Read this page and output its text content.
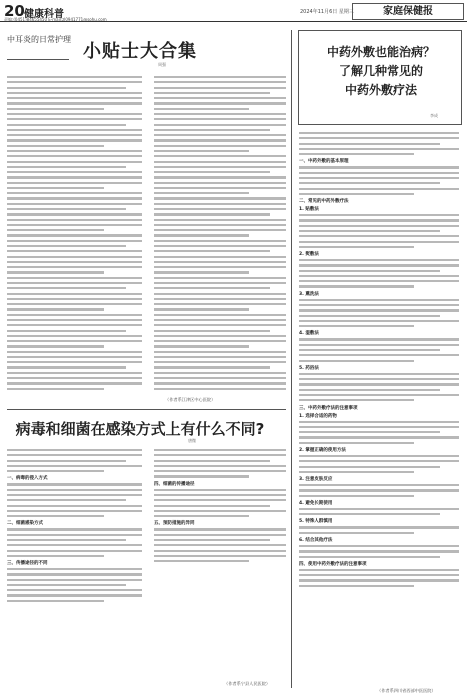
20 健康科普
责编:(0451)84655450 E-mail:zl0941771@sohu.com
2024年11月6日 星期三	家庭保健报
中耳炎的日常护理
小贴士大合集
周强
（作者系江津区中心医院）
中药外敷也能治病？
了解几种常见的
中药外敷疗法
李成
一、中药外敷的基本原理
二、常见的中药外敷疗法
1. 贴敷法
2. 熨敷法
3. 熏洗法
4. 湿敷法
5. 药浴法
三、中药外敷疗法的注意事项
1. 选择合适的药物
2. 掌握正确的使用方法
3. 注意皮肤反应
4. 避免长期使用
5. 特殊人群慎用
6. 结合其他疗法
四、使用中药外敷疗法的注意事项
（作者系四川省西部中医医院）
病毒和细菌在感染方式上有什么不同?
唐微
一、病毒的侵入方式
二、细菌感染方式
三、传播途径的不同
四、细菌的传播途径
五、预防措施的异同
（作者系宁县人民医院）
